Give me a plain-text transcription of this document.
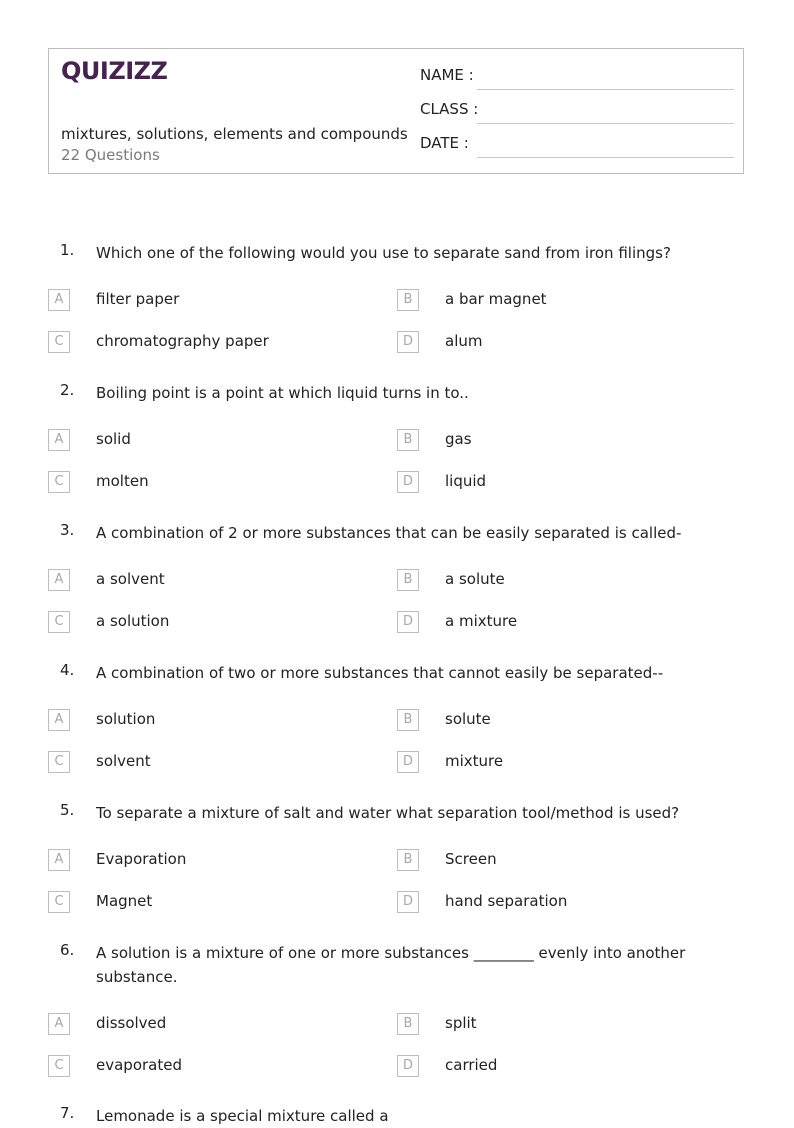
QUIZIZZ
mixtures, solutions, elements and compounds
22 Questions
NAME :
CLASS :
DATE :
1. Which one of the following would you use to separate sand from iron filings?
A	filter paper	B	a bar magnet
C	chromatography paper	D	alum
2. Boiling point is a point at which liquid turns in to..
A	solid	B	gas
C	molten	D	liquid
3. A combination of 2 or more substances that can be easily separated is called-
A	a solvent	B	a solute
C	a solution	D	a mixture
4. A combination of two or more substances that cannot easily be separated--
A	solution	B	solute
C	solvent	D	mixture
5. To separate a mixture of salt and water what separation tool/method is used?
A	Evaporation	B	Screen
C	Magnet	D	hand separation
6. A solution is a mixture of one or more substances ________ evenly into another substance.
A	dissolved	B	split
C	evaporated	D	carried
7. Lemonade is a special mixture called a
